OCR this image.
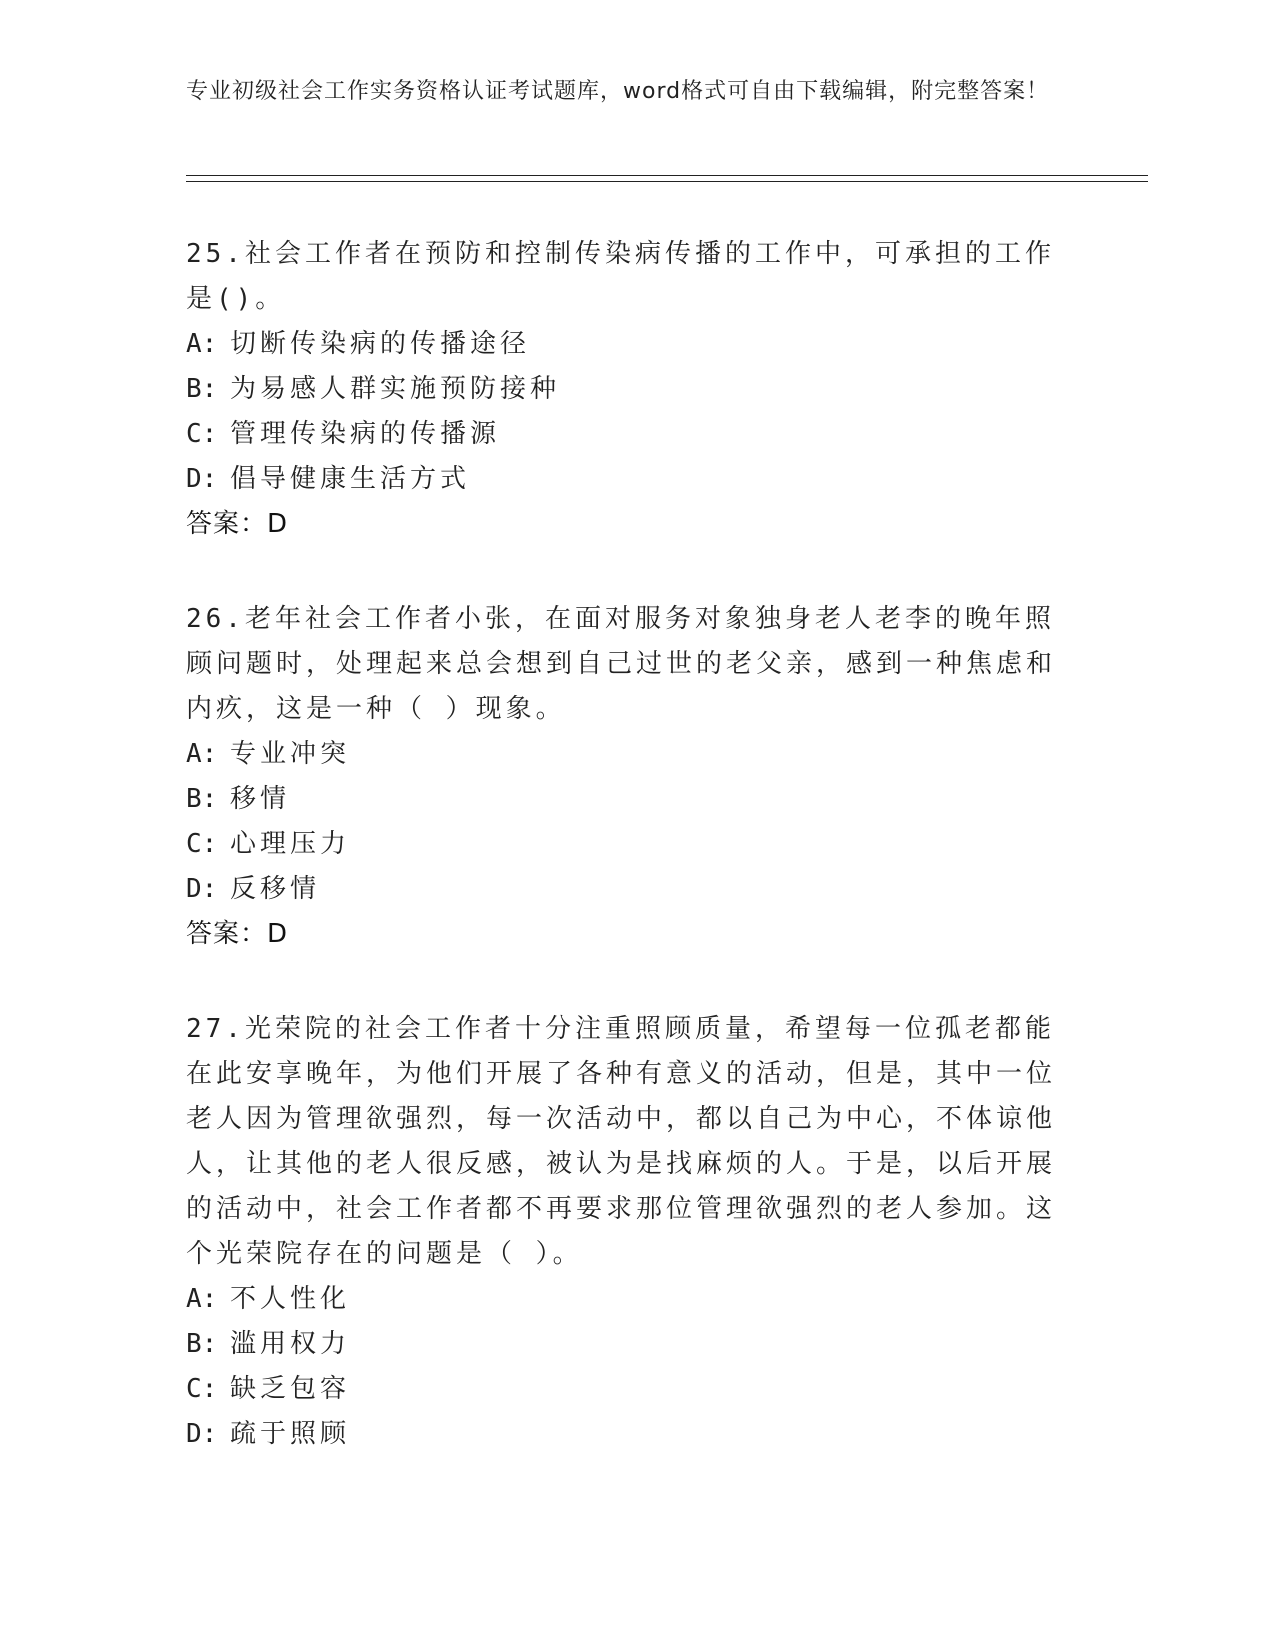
专业初级社会工作实务资格认证考试题库，word格式可自由下载编辑，附完整答案！

25.社会工作者在预防和控制传染病传播的工作中，可承担的工作是()。

A: 切断传染病的传播途径
B: 为易感人群实施预防接种
C: 管理传染病的传播源
D: 倡导健康生活方式
答案：D

26.老年社会工作者小张，在面对服务对象独身老人老李的晚年照顾问题时，处理起来总会想到自己过世的老父亲，感到一种焦虑和内疚，这是一种（ ）现象。

A: 专业冲突
B: 移情
C: 心理压力
D: 反移情
答案：D

27.光荣院的社会工作者十分注重照顾质量，希望每一位孤老都能在此安享晚年，为他们开展了各种有意义的活动，但是，其中一位老人因为管理欲强烈，每一次活动中，都以自己为中心，不体谅他人，让其他的老人很反感，被认为是找麻烦的人。于是，以后开展的活动中，社会工作者都不再要求那位管理欲强烈的老人参加。这个光荣院存在的问题是（ ）。

A: 不人性化
B: 滥用权力
C: 缺乏包容
D: 疏于照顾
